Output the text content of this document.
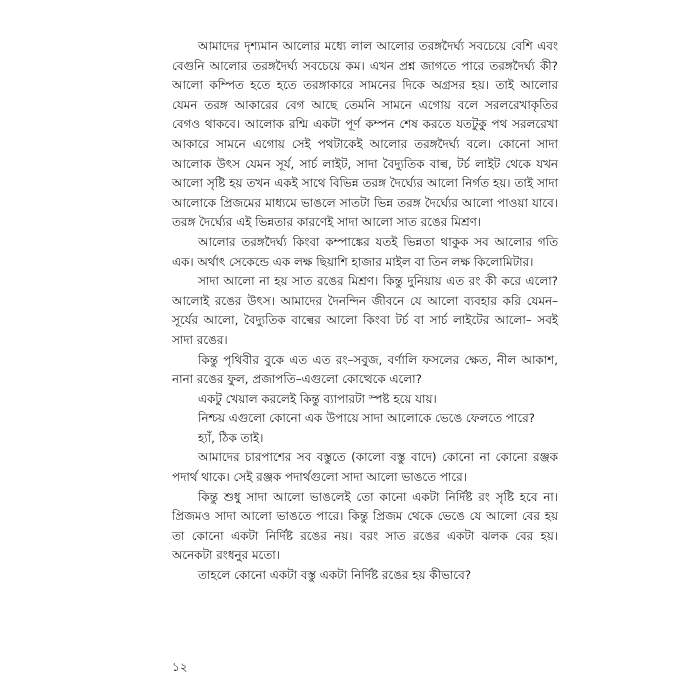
আমাদের দৃশ্যমান আলোর মধ্যে লাল আলোর তরঙ্গদৈর্ঘ্য সবচেয়ে বেশি এবং বেগুনি আলোর তরঙ্গদৈর্ঘ্য সবচেয়ে কম। এখন প্রশ্ন জাগতে পারে তরঙ্গদৈর্ঘ্য কী? আলো কম্পিত হতে হতে তরঙ্গাকারে সামনের দিকে অগ্রসর হয়। তাই আলোর যেমন তরঙ্গ আকারের বেগ আছে তেমনি সামনে এগোয় বলে সরলরেখাকৃতির বেগও থাকবে। আলোক রশ্মি একটা পূর্ণ কম্পন শেষ করতে যতটুকু পথ সরলরেখা আকারে সামনে এগোয় সেই পথটাকেই আলোর তরঙ্গদৈর্ঘ্য বলে। কোনো সাদা আলোক উৎস যেমন সূর্য, সার্চ লাইট, সাদা বৈদ্যুতিক বাল্ব, টর্চ লাইট থেকে যখন আলো সৃষ্টি হয় তখন একই সাথে বিভিন্ন তরঙ্গ দৈর্ঘ্যের আলো নির্গত হয়। তাই সাদা আলোকে প্রিজমের মাধ্যমে ভাঙলে সাতটা ভিন্ন তরঙ্গ দৈর্ঘ্যের আলো পাওয়া যাবে। তরঙ্গ দৈর্ঘ্যের এই ভিন্নতার কারণেই সাদা আলো সাত রঙের মিশ্রণ।

আলোর তরঙ্গদৈর্ঘ্য কিংবা কম্পাঙ্কের যতই ভিন্নতা থাকুক সব আলোর গতি এক। অর্থাৎ সেকেন্ডে এক লক্ষ ছিয়াশি হাজার মাইল বা তিন লক্ষ কিলোমিটার।

সাদা আলো না হয় সাত রঙের মিশ্রণ। কিন্তু দুনিয়ায় এত রং কী করে এলো? আলোই রঙের উৎস। আমাদের দৈনন্দিন জীবনে যে আলো ব্যবহার করি যেমন–সূর্যের আলো, বৈদ্যুতিক বাল্বের আলো কিংবা টর্চ বা সার্চ লাইটের আলো– সবই সাদা রঙের।

কিন্তু পৃথিবীর বুকে এত এত রং–সবুজ, বর্ণালি ফসলের ক্ষেত, নীল আকাশ, নানা রঙের ফুল, প্রজাপতি–এগুলো কোত্থেকে এলো?

একটু খেয়াল করলেই কিন্তু ব্যাপারটা স্পষ্ট হয়ে যায়।

নিশ্চয় এগুলো কোনো এক উপায়ে সাদা আলোকে ভেঙে ফেলতে পারে?

হ্যাঁ, ঠিক তাই।

আমাদের চারপাশের সব বস্তুতে (কালো বস্তু বাদে) কোনো না কোনো রঞ্জক পদার্থ থাকে। সেই রঞ্জক পদার্থগুলো সাদা আলো ভাঙতে পারে।

কিন্তু শুধু সাদা আলো ভাঙলেই তো কানো একটা নির্দিষ্ট রং সৃষ্টি হবে না। প্রিজমও সাদা আলো ভাঙতে পারে। কিন্তু প্রিজম থেকে ভেঙে যে আলো বের হয় তা কোনো একটা নির্দিষ্ট রঙের নয়। বরং সাত রঙের একটা ঝলক বের হয়। অনেকটা রংধনুর মতো।

তাহলে কোনো একটা বস্তু একটা নির্দিষ্ট রঙের হয় কীভাবে?

১২
